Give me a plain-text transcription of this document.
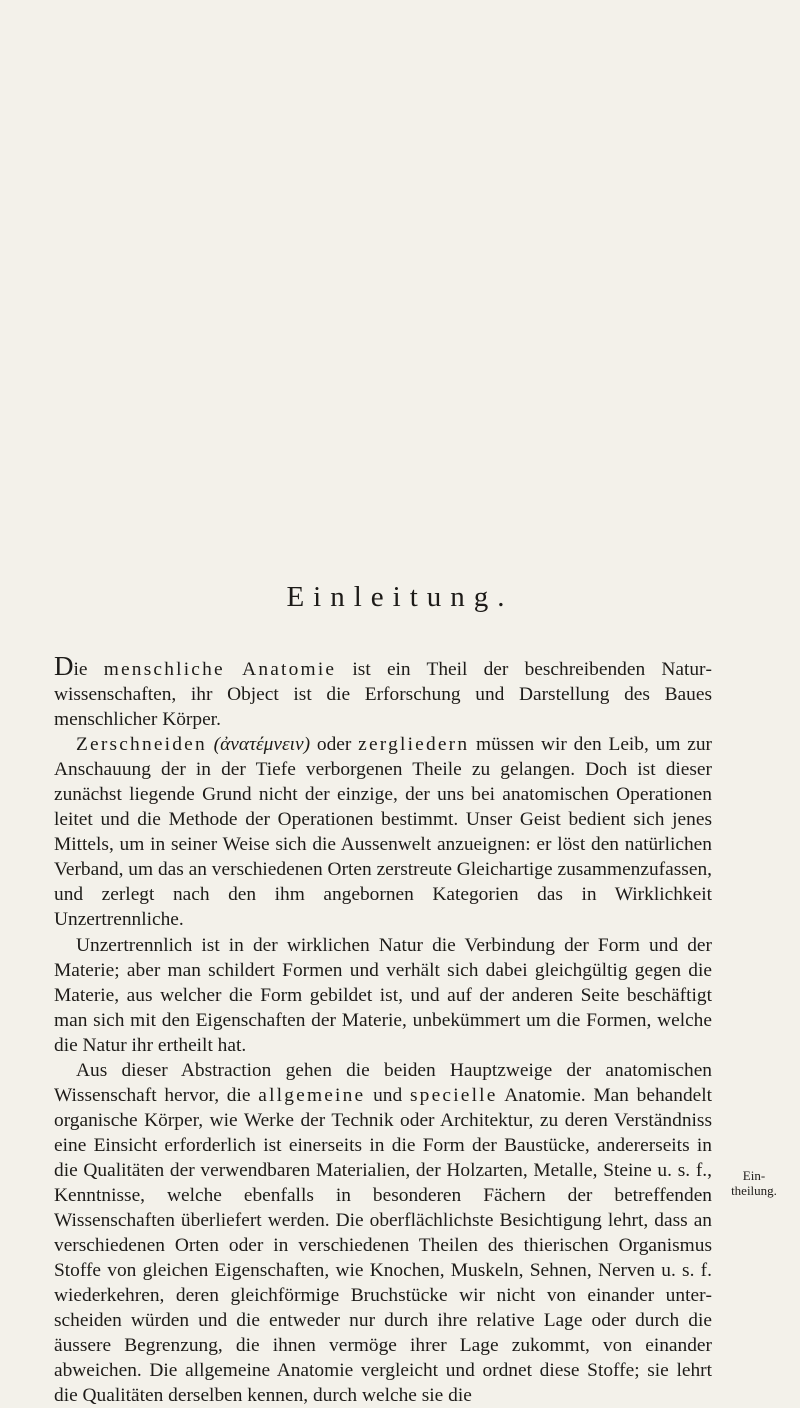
Einleitung.

Die menschliche Anatomie ist ein Theil der beschreibenden Naturwissenschaften, ihr Object ist die Erforschung und Darstellung des Baues menschlicher Körper.

Zerschneiden (ἀνατέμνειν) oder zergliedern müssen wir den Leib, um zur Anschauung der in der Tiefe verborgenen Theile zu gelangen. Doch ist dieser zunächst liegende Grund nicht der einzige, der uns bei anatomischen Operationen leitet und die Methode der Operationen bestimmt. Unser Geist bedient sich jenes Mittels, um in seiner Weise sich die Aussenwelt anzueignen: er löst den natürlichen Verband, um das an verschiedenen Orten zerstreute Gleichartige zusammenzufassen, und zerlegt nach den ihm angebornen Kategorien das in Wirklichkeit Unzertrennliche.

Unzertrennlich ist in der wirklichen Natur die Verbindung der Form und der Materie; aber man schildert Formen und verhält sich dabei gleichgültig gegen die Materie, aus welcher die Form gebildet ist, und auf der anderen Seite beschäftigt man sich mit den Eigenschaften der Materie, unbekümmert um die Formen, welche die Natur ihr ertheilt hat.

Aus dieser Abstraction gehen die beiden Hauptzweige der anatomischen Wissenschaft hervor, die allgemeine und specielle Anatomie. Man behandelt organische Körper, wie Werke der Technik oder Architektur, zu deren Verständniss eine Einsicht erforderlich ist einerseits in die Form der Baustücke, andererseits in die Qualitäten der verwendbaren Materialien, der Holzarten, Metalle, Steine u. s. f., Kenntnisse, welche ebenfalls in besonderen Fächern der betreffenden Wissenschaften überliefert werden. Die oberflächlichste Besichtigung lehrt, dass an verschiedenen Orten oder in verschiedenen Theilen des thierischen Organismus Stoffe von gleichen Eigenschaften, wie Knochen, Muskeln, Sehnen, Nerven u. s. f. wiederkehren, deren gleichförmige Bruchstücke wir nicht von einander unterscheiden würden und die entweder nur durch ihre relative Lage oder durch die äussere Begrenzung, die ihnen vermöge ihrer Lage zukommt, von einander abweichen. Die allgemeine Anatomie vergleicht und ordnet diese Stoffe; sie lehrt die Qualitäten derselben kennen, durch welche sie die

Ein-
theilung.
